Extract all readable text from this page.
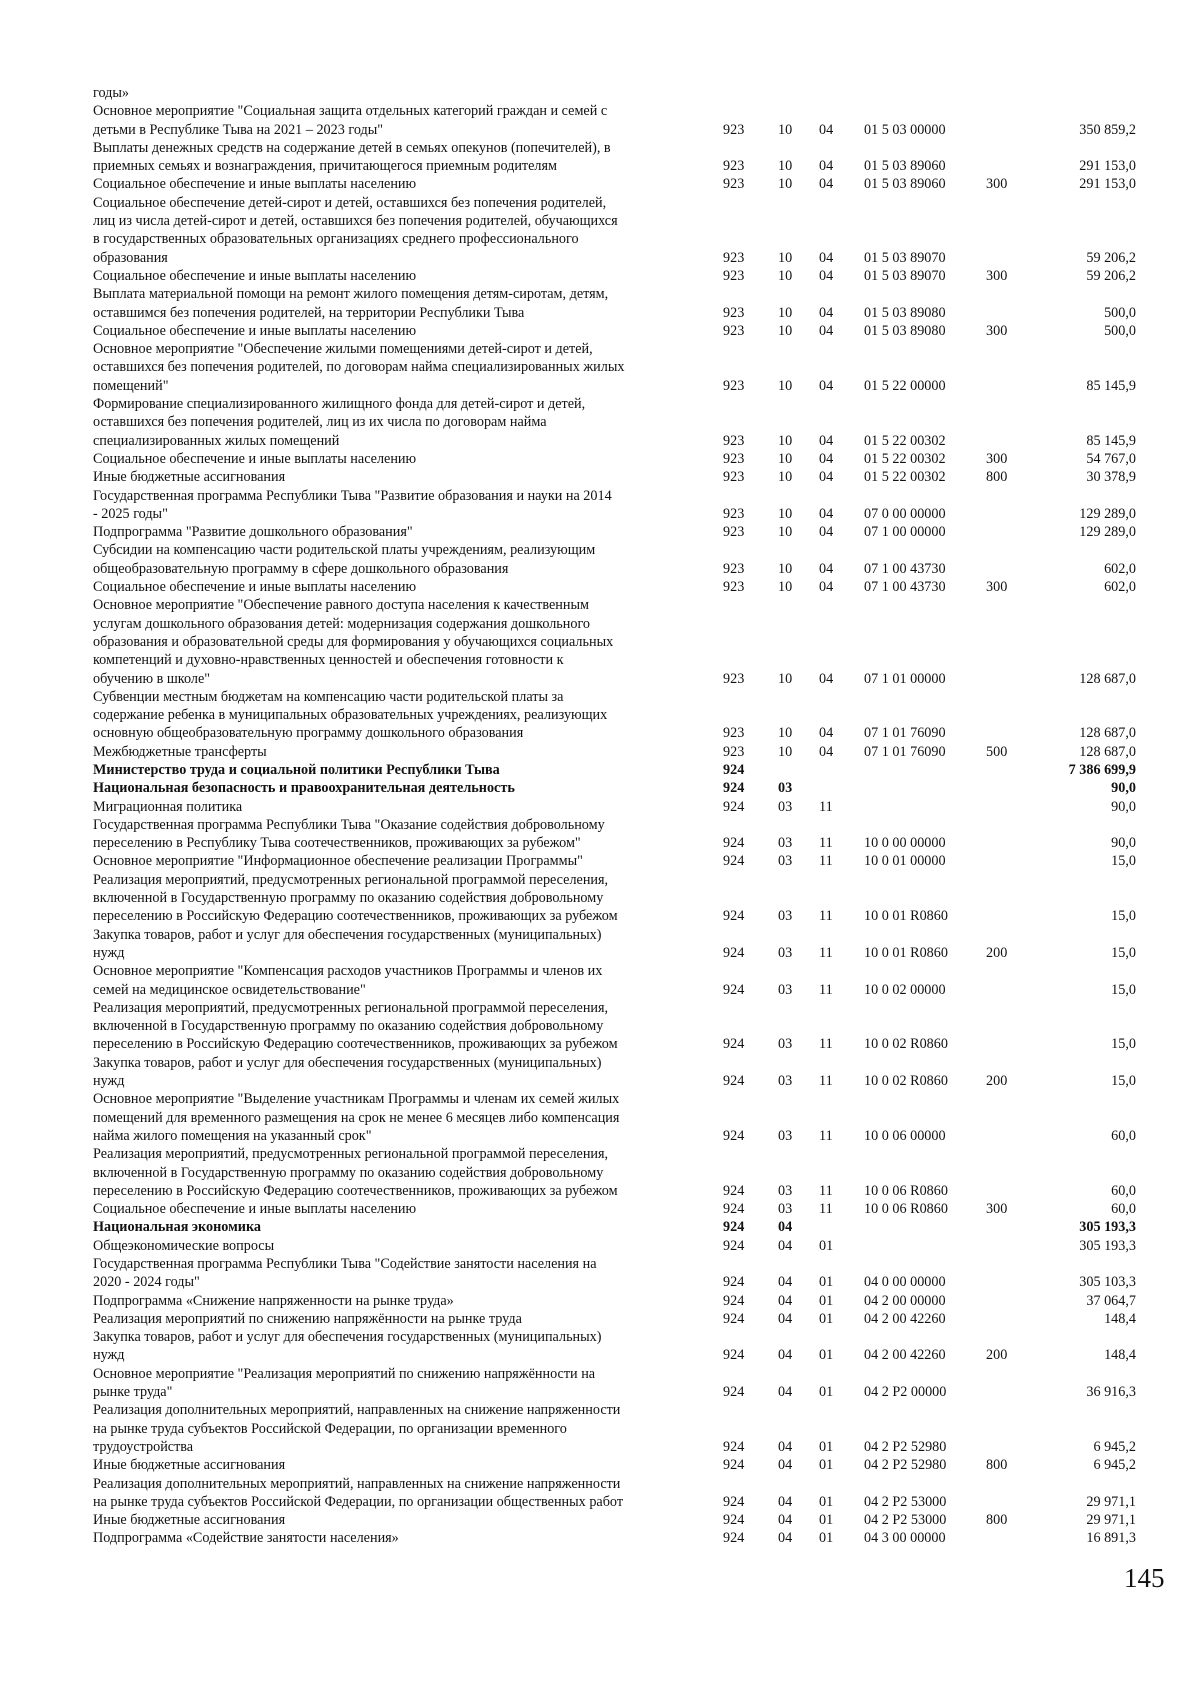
годы»
Основное мероприятие "Социальная защита отдельных категорий граждан и семей с
детьми в Республике Тыва на 2021 – 2023 годы"	923 10 04 01 5 03 00000	350 859,2
Выплаты денежных средств на содержание детей в семьях опекунов (попечителей), в
приемных семьях и вознаграждения, причитающегося приемным родителям	923 10 04 01 5 03 89060	291 153,0
Социальное обеспечение и иные выплаты населению	923 10 04 01 5 03 89060	300	291 153,0
Социальное обеспечение детей-сирот и детей, оставшихся без попечения родителей,
лиц из числа детей-сирот и детей, оставшихся без попечения родителей, обучающихся
в государственных образовательных организациях среднего профессионального
образования	923 10 04 01 5 03 89070	59 206,2
Социальное обеспечение и иные выплаты населению	923 10 04 01 5 03 89070	300	59 206,2
Выплата материальной помощи на ремонт жилого помещения детям-сиротам, детям,
оставшимся без попечения родителей, на территории Республики Тыва	923 10 04 01 5 03 89080	500,0
Социальное обеспечение и иные выплаты населению	923 10 04 01 5 03 89080	300	500,0
Основное мероприятие "Обеспечение жилыми помещениями детей-сирот и детей,
оставшихся без попечения родителей, по договорам найма специализированных жилых
помещений"	923 10 04 01 5 22 00000	85 145,9
Формирование специализированного жилищного фонда для детей-сирот и детей,
оставшихся без попечения родителей, лиц из их числа по договорам найма
специализированных жилых помещений	923 10 04 01 5 22 00302	85 145,9
Социальное обеспечение и иные выплаты населению	923 10 04 01 5 22 00302	300	54 767,0
Иные бюджетные ассигнования	923 10 04 01 5 22 00302	800	30 378,9
Государственная программа Республики Тыва "Развитие образования и науки на 2014
- 2025 годы"	923 10 04 07 0 00 00000	129 289,0
Подпрограмма "Развитие дошкольного образования"	923 10 04 07 1 00 00000	129 289,0
Субсидии на компенсацию части родительской платы учреждениям, реализующим
общеобразовательную программу в сфере дошкольного образования	923 10 04 07 1 00 43730	602,0
Социальное обеспечение и иные выплаты населению	923 10 04 07 1 00 43730	300	602,0
Основное мероприятие "Обеспечение равного доступа населения к качественным
услугам дошкольного образования детей: модернизация содержания дошкольного
образования и образовательной среды для формирования у обучающихся социальных
компетенций и духовно-нравственных ценностей и обеспечения готовности к
обучению в школе"	923 10 04 07 1 01 00000	128 687,0
Субвенции местным бюджетам на компенсацию части родительской платы за
содержание ребенка в муниципальных образовательных учреждениях, реализующих
основную общеобразовательную программу дошкольного образования	923 10 04 07 1 01 76090	128 687,0
Межбюджетные трансферты	923 10 04 07 1 01 76090	500	128 687,0
Министерство труда и социальной политики Республики Тыва	924	7 386 699,9
Национальная безопасность и правоохранительная деятельность	924 03	90,0
Миграционная политика	924 03 11	90,0
Государственная программа Республики Тыва "Оказание содействия добровольному
переселению в Республику Тыва соотечественников, проживающих за рубежом"	924 03 11 10 0 00 00000	90,0
Основное мероприятие "Информационное обеспечение реализации Программы"	924 03 11 10 0 01 00000	15,0
Реализация мероприятий, предусмотренных региональной программой переселения,
включенной в Государственную программу по оказанию содействия добровольному
переселению в Российскую Федерацию соотечественников, проживающих за рубежом	924 03 11 10 0 01 R0860	15,0
Закупка товаров, работ и услуг для обеспечения государственных (муниципальных)
нужд	924 03 11 10 0 01 R0860	200	15,0
Основное мероприятие "Компенсация расходов участников Программы и членов их
семей на медицинское освидетельствование"	924 03 11 10 0 02 00000	15,0
Реализация мероприятий, предусмотренных региональной программой переселения,
включенной в Государственную программу по оказанию содействия добровольному
переселению в Российскую Федерацию соотечественников, проживающих за рубежом	924 03 11 10 0 02 R0860	15,0
Закупка товаров, работ и услуг для обеспечения государственных (муниципальных)
нужд	924 03 11 10 0 02 R0860	200	15,0
Основное мероприятие "Выделение участникам Программы и членам их семей жилых
помещений для временного размещения на срок не менее 6 месяцев либо компенсация
найма жилого помещения на указанный срок"	924 03 11 10 0 06 00000	60,0
Реализация мероприятий, предусмотренных региональной программой переселения,
включенной в Государственную программу по оказанию содействия добровольному
переселению в Российскую Федерацию соотечественников, проживающих за рубежом	924 03 11 10 0 06 R0860	60,0
Социальное обеспечение и иные выплаты населению	924 03 11 10 0 06 R0860	300	60,0
Национальная экономика	924 04	305 193,3
Общеэкономические вопросы	924 04 01	305 193,3
Государственная программа Республики Тыва "Содействие занятости населения на
2020 - 2024 годы"	924 04 01 04 0 00 00000	305 103,3
Подпрограмма «Снижение напряженности на рынке труда»	924 04 01 04 2 00 00000	37 064,7
Реализация мероприятий по снижению напряжённости на рынке труда	924 04 01 04 2 00 42260	148,4
Закупка товаров, работ и услуг для обеспечения государственных (муниципальных)
нужд	924 04 01 04 2 00 42260	200	148,4
Основное мероприятие "Реализация мероприятий по снижению напряжённости на
рынке труда"	924 04 01 04 2 P2 00000	36 916,3
Реализация дополнительных мероприятий, направленных на снижение напряженности
на рынке труда субъектов Российской Федерации, по организации временного
трудоустройства	924 04 01 04 2 P2 52980	6 945,2
Иные бюджетные ассигнования	924 04 01 04 2 P2 52980	800	6 945,2
Реализация дополнительных мероприятий, направленных на снижение напряженности
на рынке труда субъектов Российской Федерации, по организации общественных работ	924 04 01 04 2 P2 53000	29 971,1
Иные бюджетные ассигнования	924 04 01 04 2 P2 53000	800	29 971,1
Подпрограмма «Содействие занятости населения»	924 04 01 04 3 00 00000	16 891,3
145
